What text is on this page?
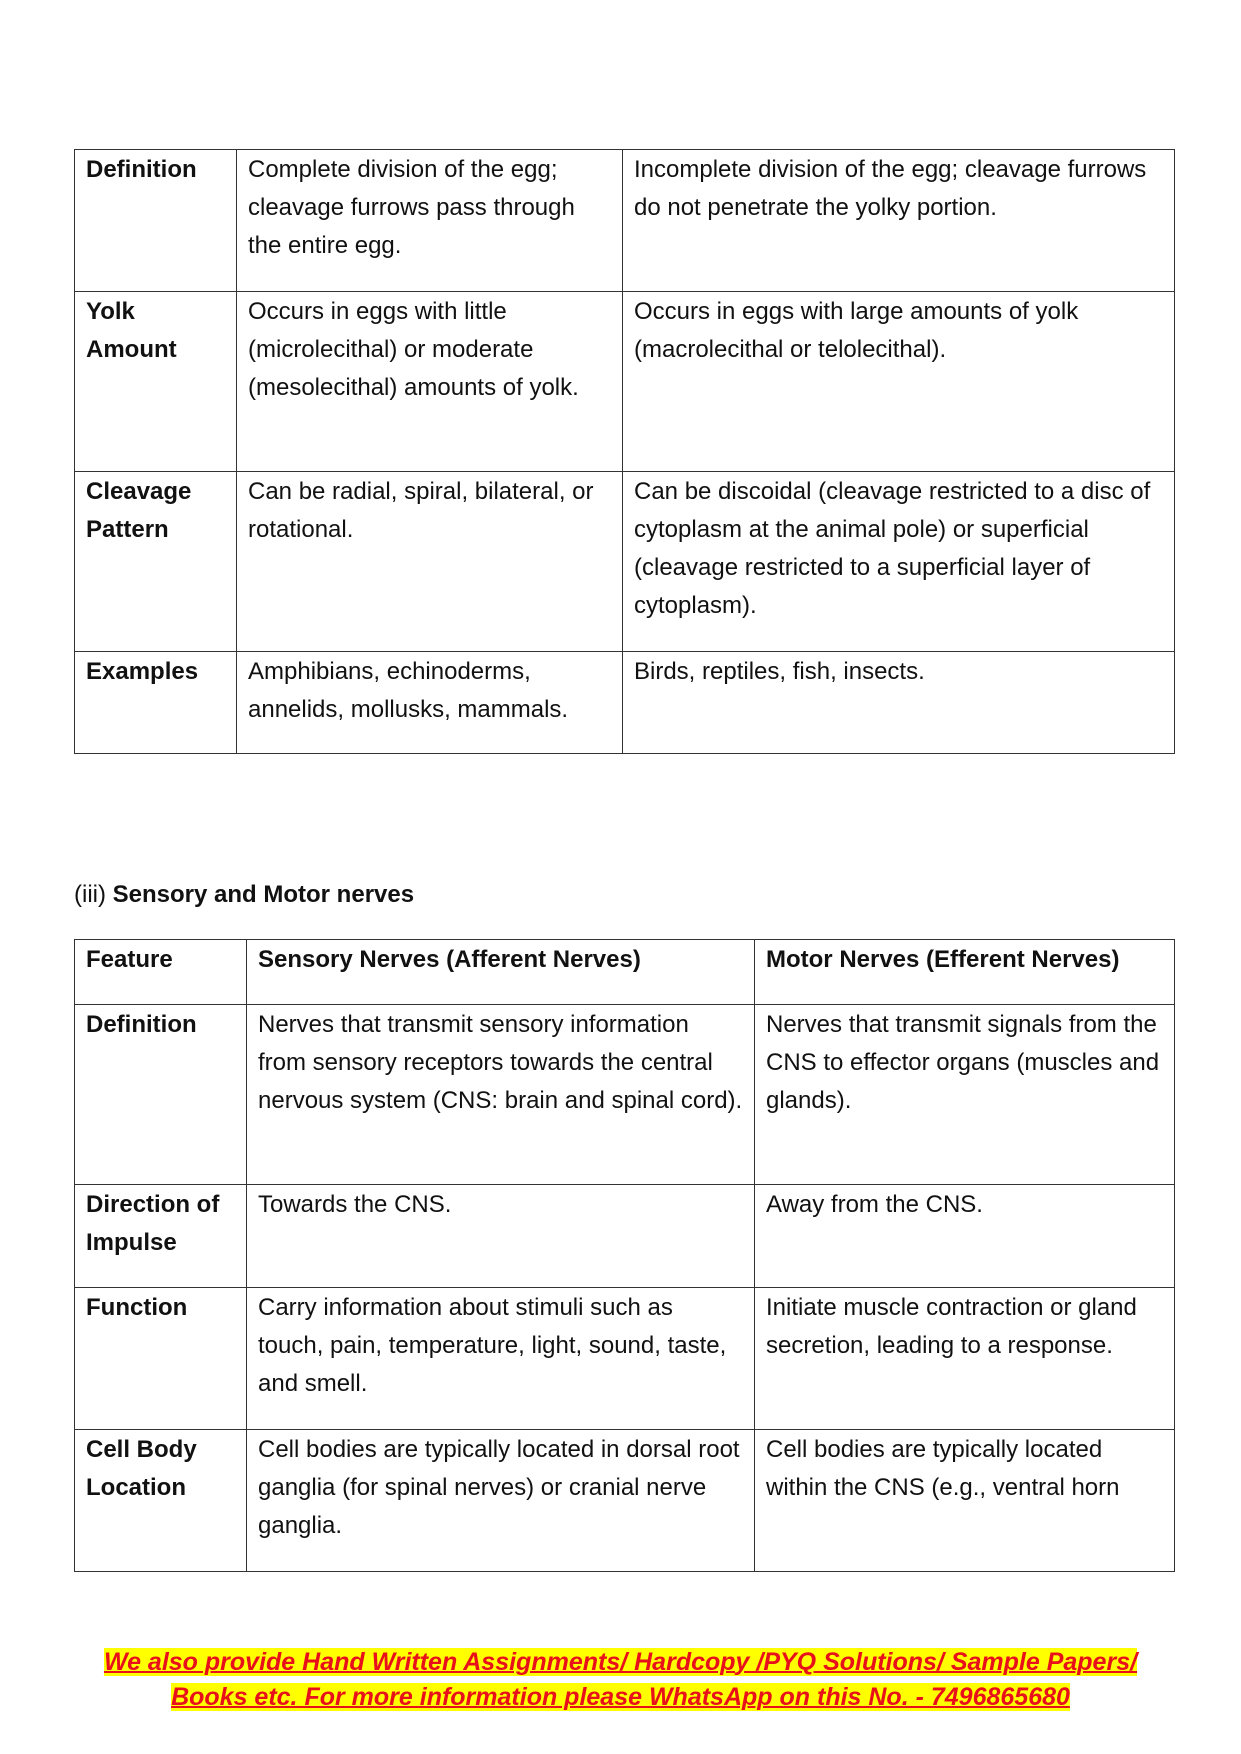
Definition	Complete division of the egg; cleavage furrows pass through the entire egg.	Incomplete division of the egg; cleavage furrows do not penetrate the yolky portion.
Yolk Amount	Occurs in eggs with little (microlecithal) or moderate (mesolecithal) amounts of yolk.	Occurs in eggs with large amounts of yolk (macrolecithal or telolecithal).
Cleavage Pattern	Can be radial, spiral, bilateral, or rotational.	Can be discoidal (cleavage restricted to a disc of cytoplasm at the animal pole) or superficial (cleavage restricted to a superficial layer of cytoplasm).
Examples	Amphibians, echinoderms, annelids, mollusks, mammals.	Birds, reptiles, fish, insects.
(iii) Sensory and Motor nerves
Feature	Sensory Nerves (Afferent Nerves)	Motor Nerves (Efferent Nerves)
Definition	Nerves that transmit sensory information from sensory receptors towards the central nervous system (CNS: brain and spinal cord).	Nerves that transmit signals from the CNS to effector organs (muscles and glands).
Direction of Impulse	Towards the CNS.	Away from the CNS.
Function	Carry information about stimuli such as touch, pain, temperature, light, sound, taste, and smell.	Initiate muscle contraction or gland secretion, leading to a response.
Cell Body Location	Cell bodies are typically located in dorsal root ganglia (for spinal nerves) or cranial nerve ganglia.	Cell bodies are typically located within the CNS (e.g., ventral horn
We also provide Hand Written Assignments/ Hardcopy /PYQ Solutions/ Sample Papers/
Books etc. For more information please WhatsApp on this No. - 7496865680
